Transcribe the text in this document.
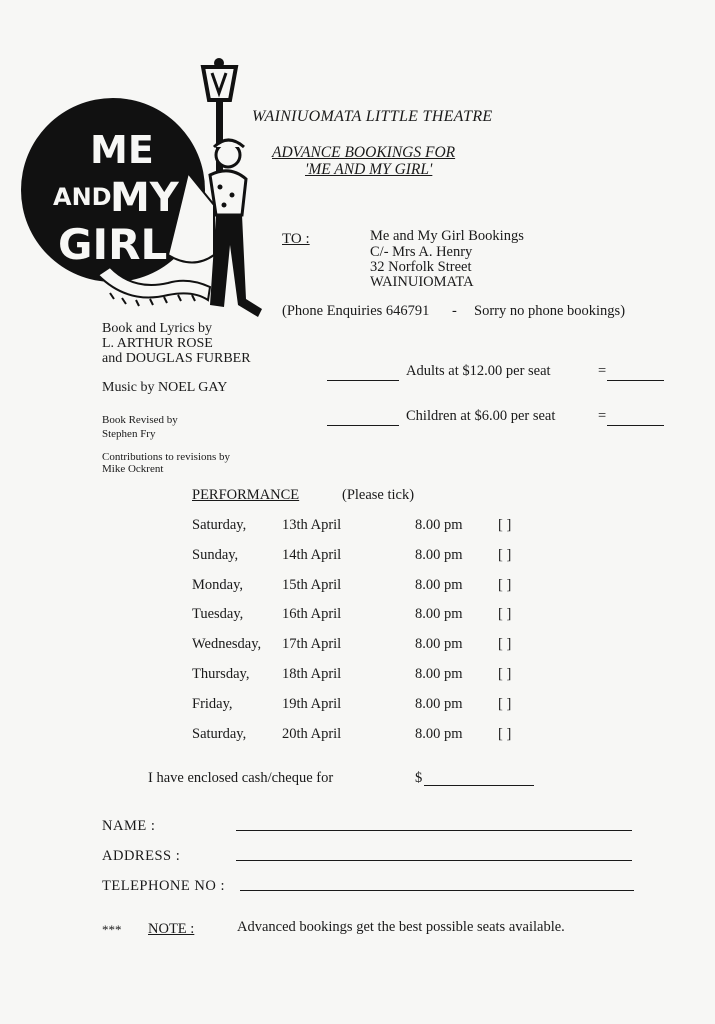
ME
AND
MY
GIRL
WAINIUOMATA LITTLE THEATRE
ADVANCE BOOKINGS FOR
'ME AND MY GIRL'
TO :	Me and My Girl Bookings
C/- Mrs A. Henry
32 Norfolk Street
WAINUIOMATA
(Phone Enquiries 646791 - Sorry no phone bookings)
Book and Lyrics by
L. ARTHUR ROSE
and DOUGLAS FURBER
Music by NOEL GAY
Book Revised by
Stephen Fry
Contributions to revisions by
Mike Ockrent
Adults at $12.00 per seat	=
Children at $6.00 per seat	=
PERFORMANCE	(Please tick)
Saturday, 13th April	8.00 pm [ ]
Sunday,	14th April	8.00 pm [ ]
Monday,	15th April	8.00 pm [ ]
Tuesday,	16th April	8.00 pm [ ]
Wednesday, 17th April	8.00 pm [ ]
Thursday, 18th April	8.00 pm [ ]
Friday,	19th April	8.00 pm [ ]
Saturday, 20th April	8.00 pm [ ]
I have enclosed cash/cheque for	$
NAME :
ADDRESS :
TELEPHONE NO :
*** NOTE :	Advanced bookings get the best possible seats available.
